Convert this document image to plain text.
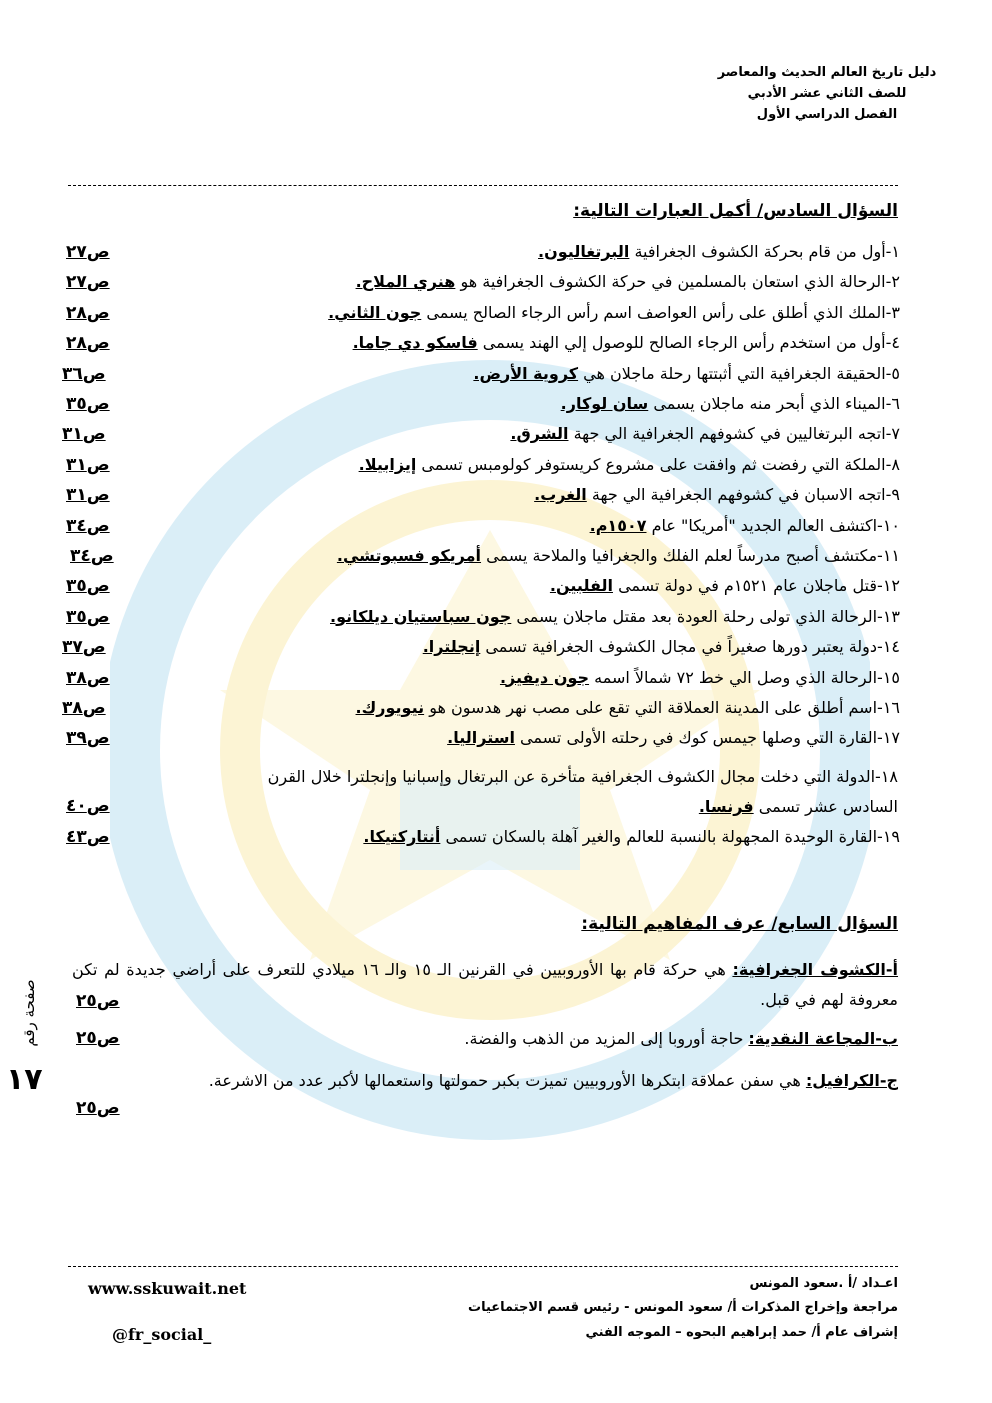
دليل تاريخ العالم الحديث والمعاصر
للصف الثاني عشر الأدبي
الفصل الدراسي الأول
السؤال السادس/ أكمل العبارات التالية:
١-أول من قام بحركة الكشوف الجغرافية البرتغاليون.
ص٢٧
٢-الرحالة الذي استعان بالمسلمين في حركة الكشوف الجغرافية هو هنري الملاح.
ص٢٧
٣-الملك الذي أطلق على رأس العواصف اسم رأس الرجاء الصالح يسمى جون الثاني.
ص٢٨
٤-أول من استخدم رأس الرجاء الصالح للوصول إلي الهند يسمى فاسكو دي جاما.
ص٢٨
٥-الحقيقة الجغرافية التي أثبتتها رحلة ماجلان هي كروية الأرض.
ص٣٦
٦-الميناء الذي أبحر منه ماجلان يسمى سان لوكار.
ص٣٥
٧-اتجه البرتغاليين في كشوفهم الجغرافية الي جهة الشرق.
ص٣١
٨-الملكة التي رفضت ثم وافقت على مشروع كريستوفر كولومبس تسمى إيزابيلا.
ص٣١
٩-اتجه الاسبان في كشوفهم الجغرافية الي جهة الغرب.
ص٣١
١٠-اكتشف العالم الجديد "أمريكا" عام ١٥٠٧م.
ص٣٤
١١-مكتشف أصبح مدرساً لعلم الفلك والجغرافيا والملاحة يسمى أمريكو فسبوتشي.
ص٣٤
١٢-قتل ماجلان عام ١٥٢١م في دولة تسمى الفلبين.
ص٣٥
١٣-الرحالة الذي تولى رحلة العودة بعد مقتل ماجلان يسمى جون سباستيان ديلكانو.
ص٣٥
١٤-دولة يعتبر دورها صغيراً في مجال الكشوف الجغرافية تسمى إنجلترا.
ص٣٧
١٥-الرحالة الذي وصل الي خط ٧٢ شمالاً اسمه جون ديفيز.
ص٣٨
١٦-اسم أطلق على المدينة العملاقة التي تقع على مصب نهر هدسون هو نيويورك.
ص٣٨
١٧-القارة التي وصلها جيمس كوك في رحلته الأولى تسمى استراليا.
ص٣٩
١٨-الدولة التي دخلت مجال الكشوف الجغرافية متأخرة عن البرتغال وإسبانيا وإنجلترا خلال القرن
السادس عشر تسمى فرنسا.
ص٤٠
١٩-القارة الوحيدة المجهولة بالنسبة للعالم والغير آهلة بالسكان تسمى أنتاركتيكا.
ص٤٣
السؤال السابع/ عرف المفاهيم التالية:
أ-الكشوف الجغرافية: هي حركة قام بها الأوروبيين في القرنين الـ ١٥ والـ ١٦ ميلادي للتعرف على أراضي جديدة لم تكن معروفة لهم في قبل.
ص٢٥
ب-المجاعة النقدية: حاجة أوروبا إلى المزيد من الذهب والفضة.
ص٢٥
ج-الكرافيل: هي سفن عملاقة ابتكرها الأوروبيين تميزت بكبر حمولتها واستعمالها لأكبر عدد من الاشرعة.
ص٢٥
صفحة رقم
١٧
اعـداد /أ .سعود المونس
مراجعة وإخراج المذكرات أ/ سعود المونس - رئيس قسم الاجتماعيات
إشراف عام أ/ حمد إبراهيم البحوه – الموجه الفني
www.sskuwait.net
@fr_social_
